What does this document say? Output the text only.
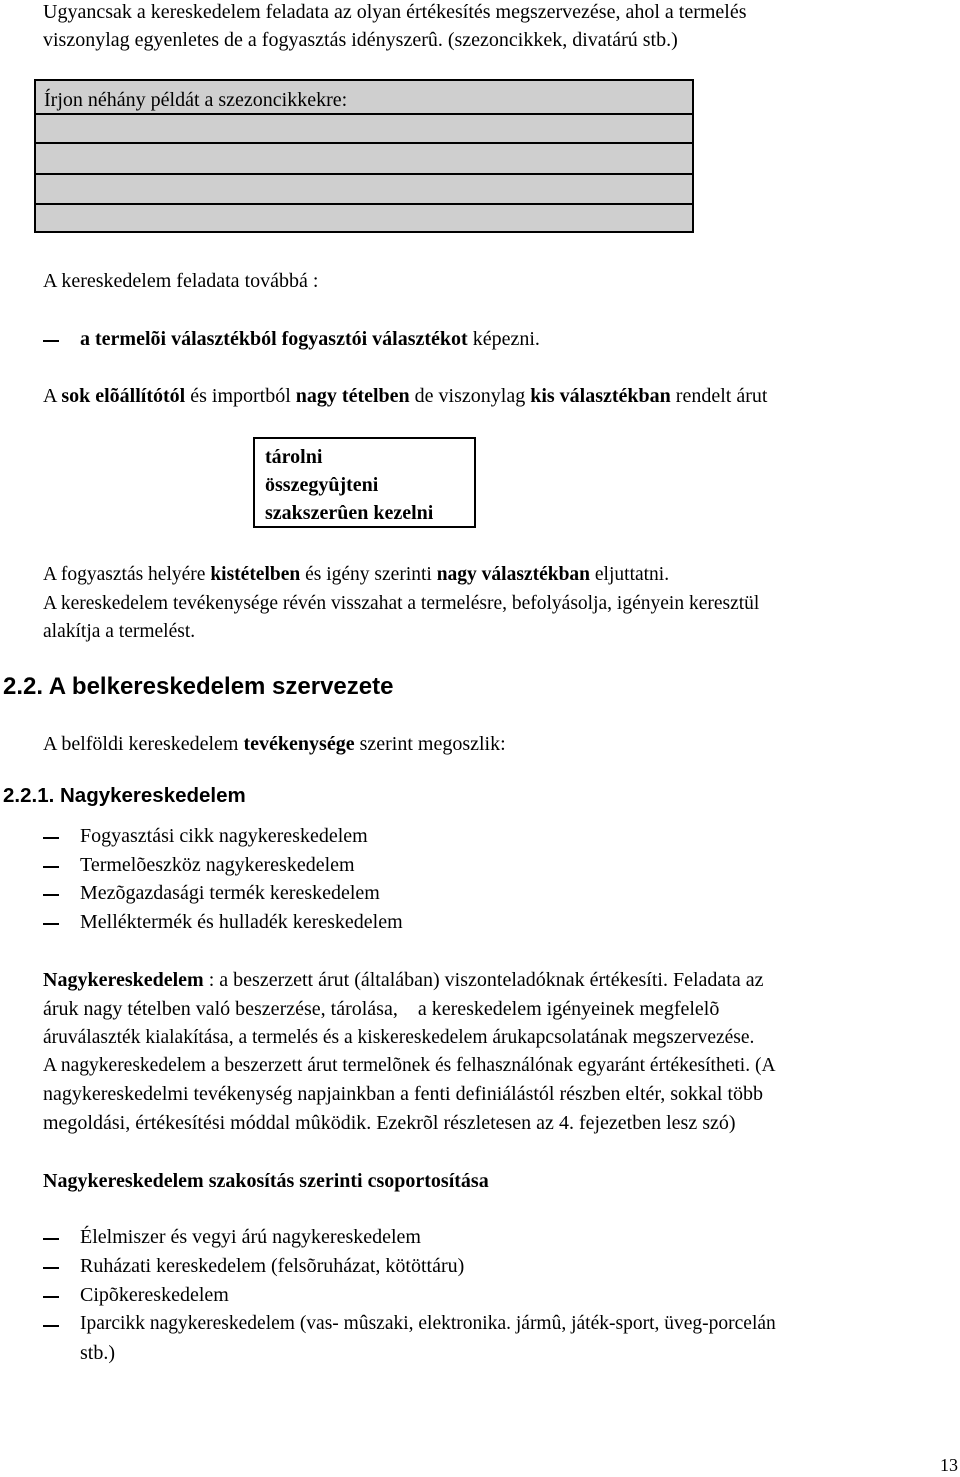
Ugyancsak a kereskedelem feladata az olyan értékesítés megszervezése, ahol a termelés
viszonylag egyenletes de a fogyasztás idényszerû. (szezoncikkek, divatárú stb.)
Írjon néhány példát a szezoncikkekre:
A kereskedelem feladata továbbá :
a termelõi választékból fogyasztói választékot képezni.
A sok elõállítótól és importból nagy tételben de viszonylag kis választékban rendelt árut
tárolni
összegyûjteni
szakszerûen kezelni
A fogyasztás helyére kistételben és igény szerinti nagy választékban eljuttatni.
A kereskedelem tevékenysége révén visszahat a termelésre, befolyásolja, igényein keresztül
alakítja a termelést.
2.2. A belkereskedelem szervezete
A belföldi kereskedelem tevékenysége szerint megoszlik:
2.2.1. Nagykereskedelem
Fogyasztási cikk nagykereskedelem
Termelõeszköz nagykereskedelem
Mezõgazdasági termék kereskedelem
Melléktermék és hulladék kereskedelem
Nagykereskedelem : a beszerzett árut (általában) viszonteladóknak értékesíti. Feladata az
áruk nagy tételben való beszerzése, tárolása,    a kereskedelem igényeinek megfelelõ
áruválaszték kialakítása, a termelés és a kiskereskedelem árukapcsolatának megszervezése.
A nagykereskedelem a beszerzett árut termelõnek és felhasználónak egyaránt értékesítheti. (A
nagykereskedelmi tevékenység napjainkban a fenti definiálástól részben eltér, sokkal több
megoldási, értékesítési móddal mûködik. Ezekrõl részletesen az 4. fejezetben lesz szó)
Nagykereskedelem szakosítás szerinti csoportosítása
Élelmiszer és vegyi árú nagykereskedelem
Ruházati kereskedelem (felsõruházat, kötöttáru)
Cipõkereskedelem
Iparcikk nagykereskedelem (vas- mûszaki, elektronika. jármû, játék-sport, üveg-porcelán
stb.)
13
